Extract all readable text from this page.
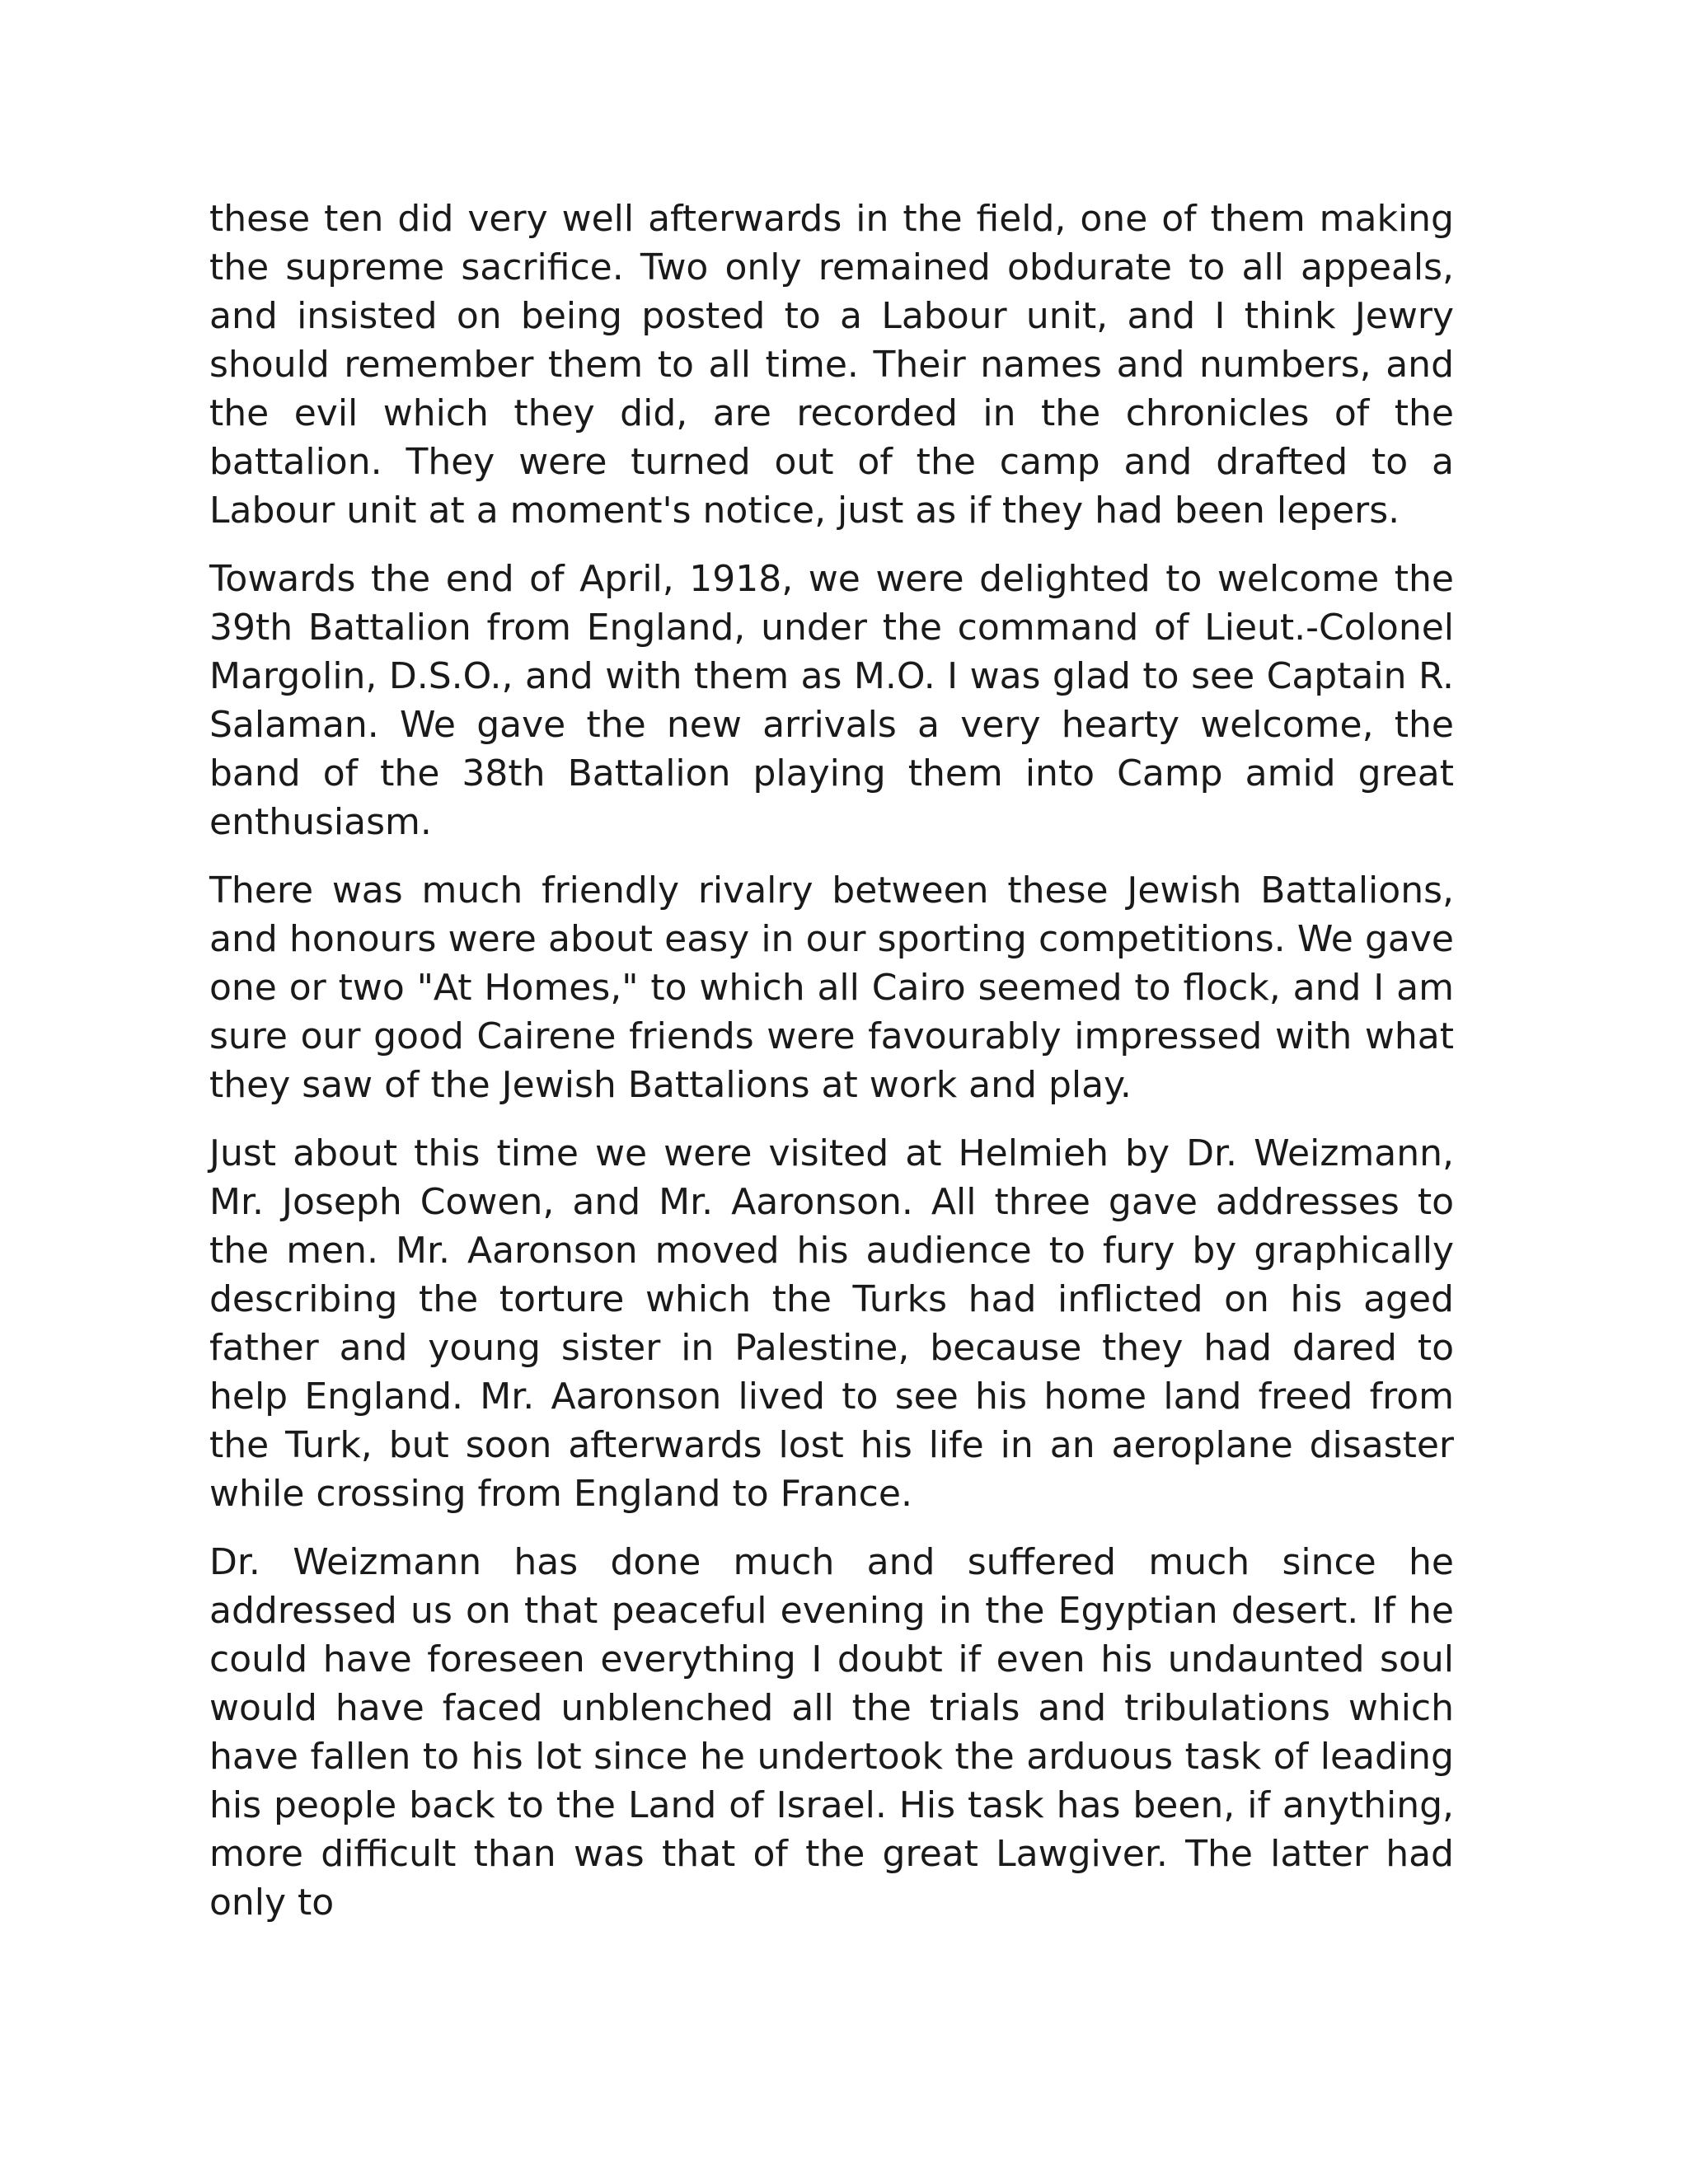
these ten did very well afterwards in the field, one of them making the supreme sacrifice. Two only remained obdurate to all appeals, and insisted on being posted to a Labour unit, and I think Jewry should remember them to all time. Their names and numbers, and the evil which they did, are recorded in the chronicles of the battalion. They were turned out of the camp and drafted to a Labour unit at a moment's notice, just as if they had been lepers.

Towards the end of April, 1918, we were delighted to welcome the 39th Battalion from England, under the command of Lieut.-Colonel Margolin, D.S.O., and with them as M.O. I was glad to see Captain R. Salaman. We gave the new arrivals a very hearty welcome, the band of the 38th Battalion playing them into Camp amid great enthusiasm.

There was much friendly rivalry between these Jewish Battalions, and honours were about easy in our sporting competitions. We gave one or two "At Homes," to which all Cairo seemed to flock, and I am sure our good Cairene friends were favourably impressed with what they saw of the Jewish Battalions at work and play.

Just about this time we were visited at Helmieh by Dr. Weizmann, Mr. Joseph Cowen, and Mr. Aaronson. All three gave addresses to the men. Mr. Aaronson moved his audience to fury by graphically describing the torture which the Turks had inflicted on his aged father and young sister in Palestine, because they had dared to help England. Mr. Aaronson lived to see his home land freed from the Turk, but soon afterwards lost his life in an aeroplane disaster while crossing from England to France.

Dr. Weizmann has done much and suffered much since he addressed us on that peaceful evening in the Egyptian desert. If he could have foreseen everything I doubt if even his undaunted soul would have faced unblenched all the trials and tribulations which have fallen to his lot since he undertook the arduous task of leading his people back to the Land of Israel. His task has been, if anything, more difficult than was that of the great Lawgiver. The latter had only to
